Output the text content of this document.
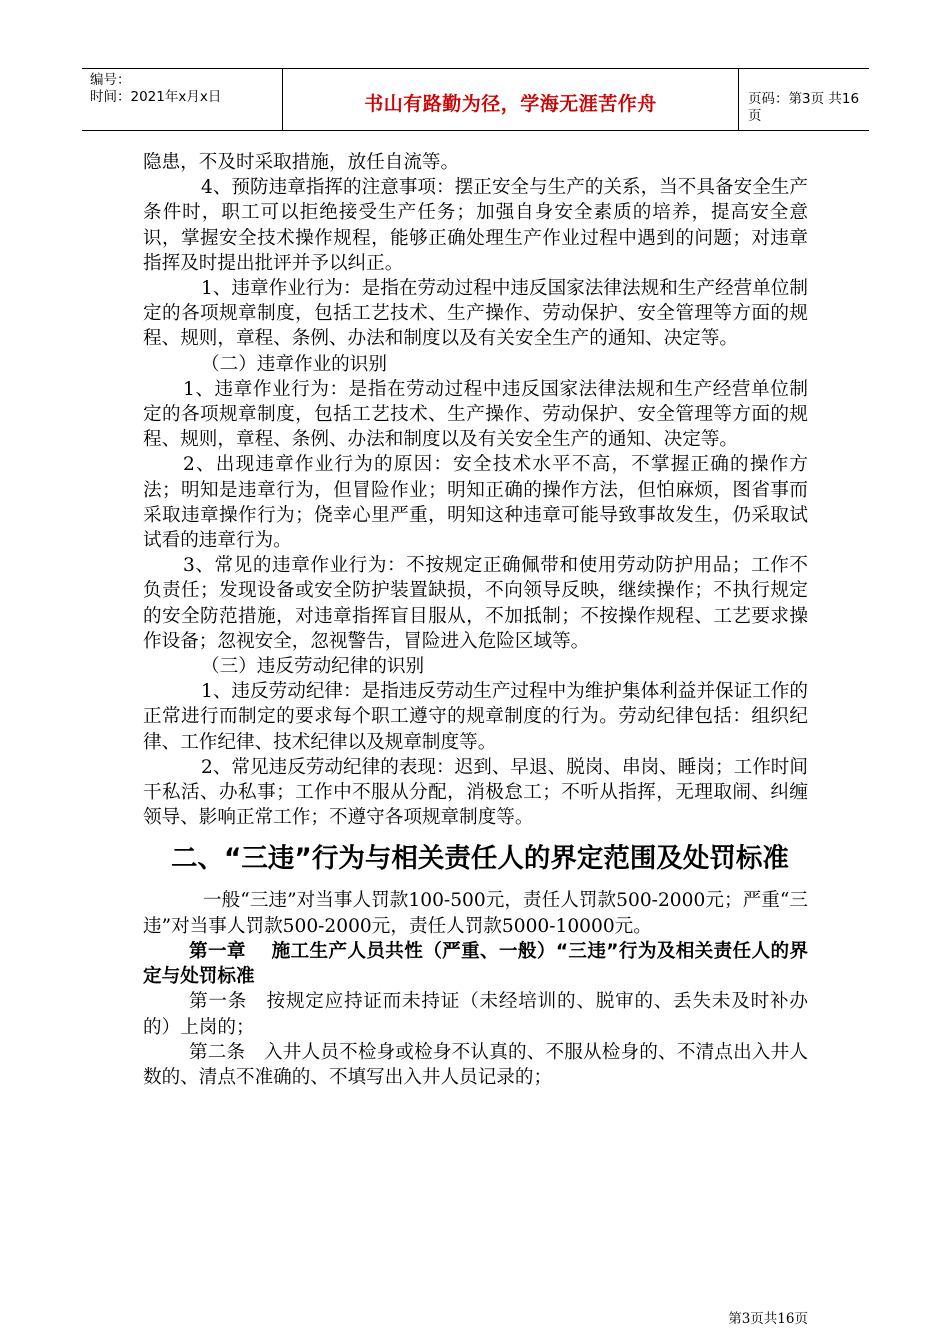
编号：
时间：2021年x月x日	书山有路勤为径，学海无涯苦作舟	页码：第3页 共16页

隐患，不及时采取措施，放任自流等。

4、预防违章指挥的注意事项：摆正安全与生产的关系，当不具备安全生产条件时，职工可以拒绝接受生产任务；加强自身安全素质的培养，提高安全意识，掌握安全技术操作规程，能够正确处理生产作业过程中遇到的问题；对违章指挥及时提出批评并予以纠正。

1、违章作业行为：是指在劳动过程中违反国家法律法规和生产经营单位制定的各项规章制度，包括工艺技术、生产操作、劳动保护、安全管理等方面的规程、规则，章程、条例、办法和制度以及有关安全生产的通知、决定等。

（二）违章作业的识别

1、违章作业行为：是指在劳动过程中违反国家法律法规和生产经营单位制定的各项规章制度，包括工艺技术、生产操作、劳动保护、安全管理等方面的规程、规则，章程、条例、办法和制度以及有关安全生产的通知、决定等。

2、出现违章作业行为的原因：安全技术水平不高，不掌握正确的操作方法；明知是违章行为，但冒险作业；明知正确的操作方法，但怕麻烦，图省事而采取违章操作行为；侥幸心里严重，明知这种违章可能导致事故发生，仍采取试试看的违章行为。

3、常见的违章作业行为：不按规定正确佩带和使用劳动防护用品；工作不负责任；发现设备或安全防护装置缺损，不向领导反映，继续操作；不执行规定的安全防范措施，对违章指挥盲目服从，不加抵制；不按操作规程、工艺要求操作设备；忽视安全，忽视警告，冒险进入危险区域等。

（三）违反劳动纪律的识别

1、违反劳动纪律：是指违反劳动生产过程中为维护集体利益并保证工作的正常进行而制定的要求每个职工遵守的规章制度的行为。劳动纪律包括：组织纪律、工作纪律、技术纪律以及规章制度等。

2、常见违反劳动纪律的表现：迟到、早退、脱岗、串岗、睡岗；工作时间干私活、办私事；工作中不服从分配，消极怠工；不听从指挥，无理取闹、纠缠领导、影响正常工作；不遵守各项规章制度等。

二、“三违”行为与相关责任人的界定范围及处罚标准

一般“三违”对当事人罚款100-500元，责任人罚款500-2000元；严重“三违”对当事人罚款500-2000元，责任人罚款5000-10000元。

第一章　 施工生产人员共性（严重、一般）“三违”行为及相关责任人的界定与处罚标准

第一条　按规定应持证而未持证（未经培训的、脱审的、丢失未及时补办的）上岗的；

第二条　入井人员不检身或检身不认真的、不服从检身的、不清点出入井人数的、清点不准确的、不填写出入井人员记录的；

第3页共16页
